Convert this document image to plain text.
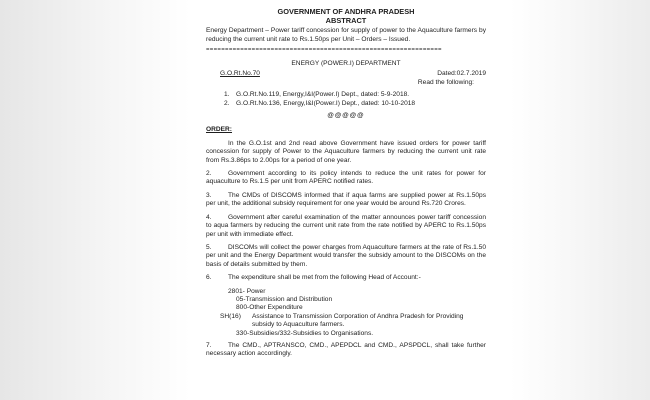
GOVERNMENT OF ANDHRA PRADESH
ABSTRACT
Energy Department – Power tariff concession for supply of power to the Aquaculture farmers by reducing the current unit rate to Rs.1.50ps per Unit – Orders – Issued.
==============================================================
ENERGY (POWER.I) DEPARTMENT
G.O.Rt.No.70	Dated:02.7.2019
Read the following:
1. G.O.Rt.No.119, Energy,I&I(Power.I) Dept., dated: 5-9-2018.
2. G.O.Rt.No.136, Energy,I&I(Power.I) Dept., dated: 10-10-2018
@@@@@
ORDER:
In the G.O.1st and 2nd read above Government have issued orders for power tariff concession for supply of Power to the Aquaculture farmers by reducing the current unit rate from Rs.3.86ps to 2.00ps for a period of one year.
2.	Government according to its policy intends to reduce the unit rates for power for aquaculture to Rs.1.5 per unit from APERC notified rates.
3.	The CMDs of DISCOMS informed that if aqua farms are supplied power at Rs.1.50ps per unit, the additional subsidy requirement for one year would be around Rs.720 Crores.
4.	Government after careful examination of the matter announces power tariff concession to aqua farmers by reducing the current unit rate from the rate notified by APERC to Rs.1.50ps per unit with immediate effect.
5.	DISCOMs will collect the power charges from Aquaculture farmers at the rate of Rs.1.50 per unit and the Energy Department would transfer the subsidy amount to the DISCOMs on the basis of details submitted by them.
6.	The expenditure shall be met from the following Head of Account:-
2801- Power
05-Transmission and Distribution
800-Other Expenditure
SH(16)	Assistance to Transmission Corporation of Andhra Pradesh for Providing subsidy to Aquaculture farmers.
330-Subsidies/332-Subsidies to Organisations.
7.	The CMD., APTRANSCO, CMD., APEPDCL and CMD., APSPDCL, shall take further necessary action accordingly.
